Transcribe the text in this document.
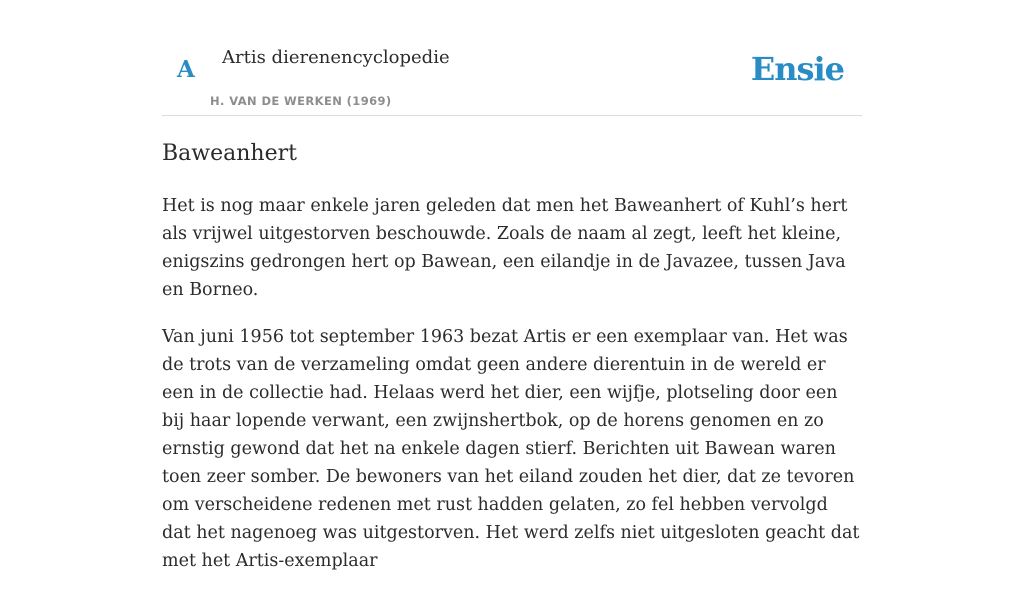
A Artis dierenencyclopedie
H. VAN DE WERKEN (1969)
Ensie
Baweanhert

Het is nog maar enkele jaren geleden dat men het Baweanhert of Kuhl’s hert als vrijwel uitgestorven beschouwde. Zoals de naam al zegt, leeft het kleine, enigszins gedrongen hert op Bawean, een eilandje in de Javazee, tussen Java en Borneo.

Van juni 1956 tot september 1963 bezat Artis er een exemplaar van. Het was de trots van de verzameling omdat geen andere dierentuin in de wereld er een in de collectie had. Helaas werd het dier, een wijfje, plotseling door een bij haar lopende verwant, een zwijnshertbok, op de horens genomen en zo ernstig gewond dat het na enkele dagen stierf. Berichten uit Bawean waren toen zeer somber. De bewoners van het eiland zouden het dier, dat ze tevoren om verscheidene redenen met rust hadden gelaten, zo fel hebben vervolgd dat het nagenoeg was uitgestorven. Het werd zelfs niet uitgesloten geacht dat met het Artis-exemplaar
